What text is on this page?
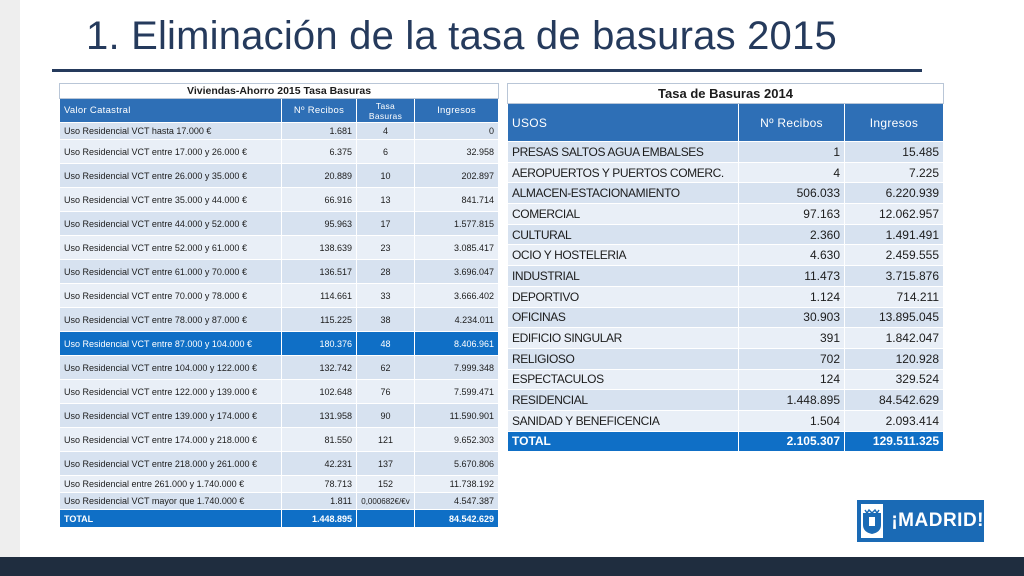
1. Eliminación de la tasa de basuras 2015
Viviendas-Ahorro 2015 Tasa Basuras			
Valor Catastral	Nº Recibos	Tasa Basuras	Ingresos
Uso Residencial VCT hasta 17.000 €	1.681	4	0
Uso Residencial VCT entre 17.000 y 26.000 €	6.375	6	32.958
Uso Residencial VCT entre 26.000 y 35.000 €	20.889	10	202.897
Uso Residencial VCT entre 35.000 y 44.000 €	66.916	13	841.714
Uso Residencial VCT entre 44.000 y 52.000 €	95.963	17	1.577.815
Uso Residencial VCT entre 52.000 y 61.000 €	138.639	23	3.085.417
Uso Residencial VCT entre 61.000 y 70.000 €	136.517	28	3.696.047
Uso Residencial VCT entre 70.000 y 78.000 €	114.661	33	3.666.402
Uso Residencial VCT entre 78.000 y 87.000 €	115.225	38	4.234.011
Uso Residencial VCT entre 87.000 y 104.000 €	180.376	48	8.406.961
Uso Residencial VCT entre 104.000 y 122.000 €	132.742	62	7.999.348
Uso Residencial VCT entre 122.000 y 139.000 €	102.648	76	7.599.471
Uso Residencial VCT entre 139.000 y 174.000 €	131.958	90	11.590.901
Uso Residencial VCT entre 174.000 y 218.000 €	81.550	121	9.652.303
Uso Residencial VCT entre 218.000 y 261.000 €	42.231	137	5.670.806
Uso Residencial entre 261.000 y 1.740.000 €	78.713	152	11.738.192
Uso Residencial VCT mayor que 1.740.000 €	1.811	0,000682€/€v	4.547.387
TOTAL	1.448.895		84.542.629
Tasa de Basuras 2014		
USOS	Nº Recibos	Ingresos
PRESAS SALTOS AGUA EMBALSES	1	15.485
AEROPUERTOS Y PUERTOS COMERC.	4	7.225
ALMACEN-ESTACIONAMIENTO	506.033	6.220.939
COMERCIAL	97.163	12.062.957
CULTURAL	2.360	1.491.491
OCIO Y HOSTELERIA	4.630	2.459.555
INDUSTRIAL	11.473	3.715.876
DEPORTIVO	1.124	714.211
OFICINAS	30.903	13.895.045
EDIFICIO SINGULAR	391	1.842.047
RELIGIOSO	702	120.928
ESPECTACULOS	124	329.524
RESIDENCIAL	1.448.895	84.542.629
SANIDAD Y BENEFICENCIA	1.504	2.093.414
TOTAL	2.105.307	129.511.325
¡MADRID!
